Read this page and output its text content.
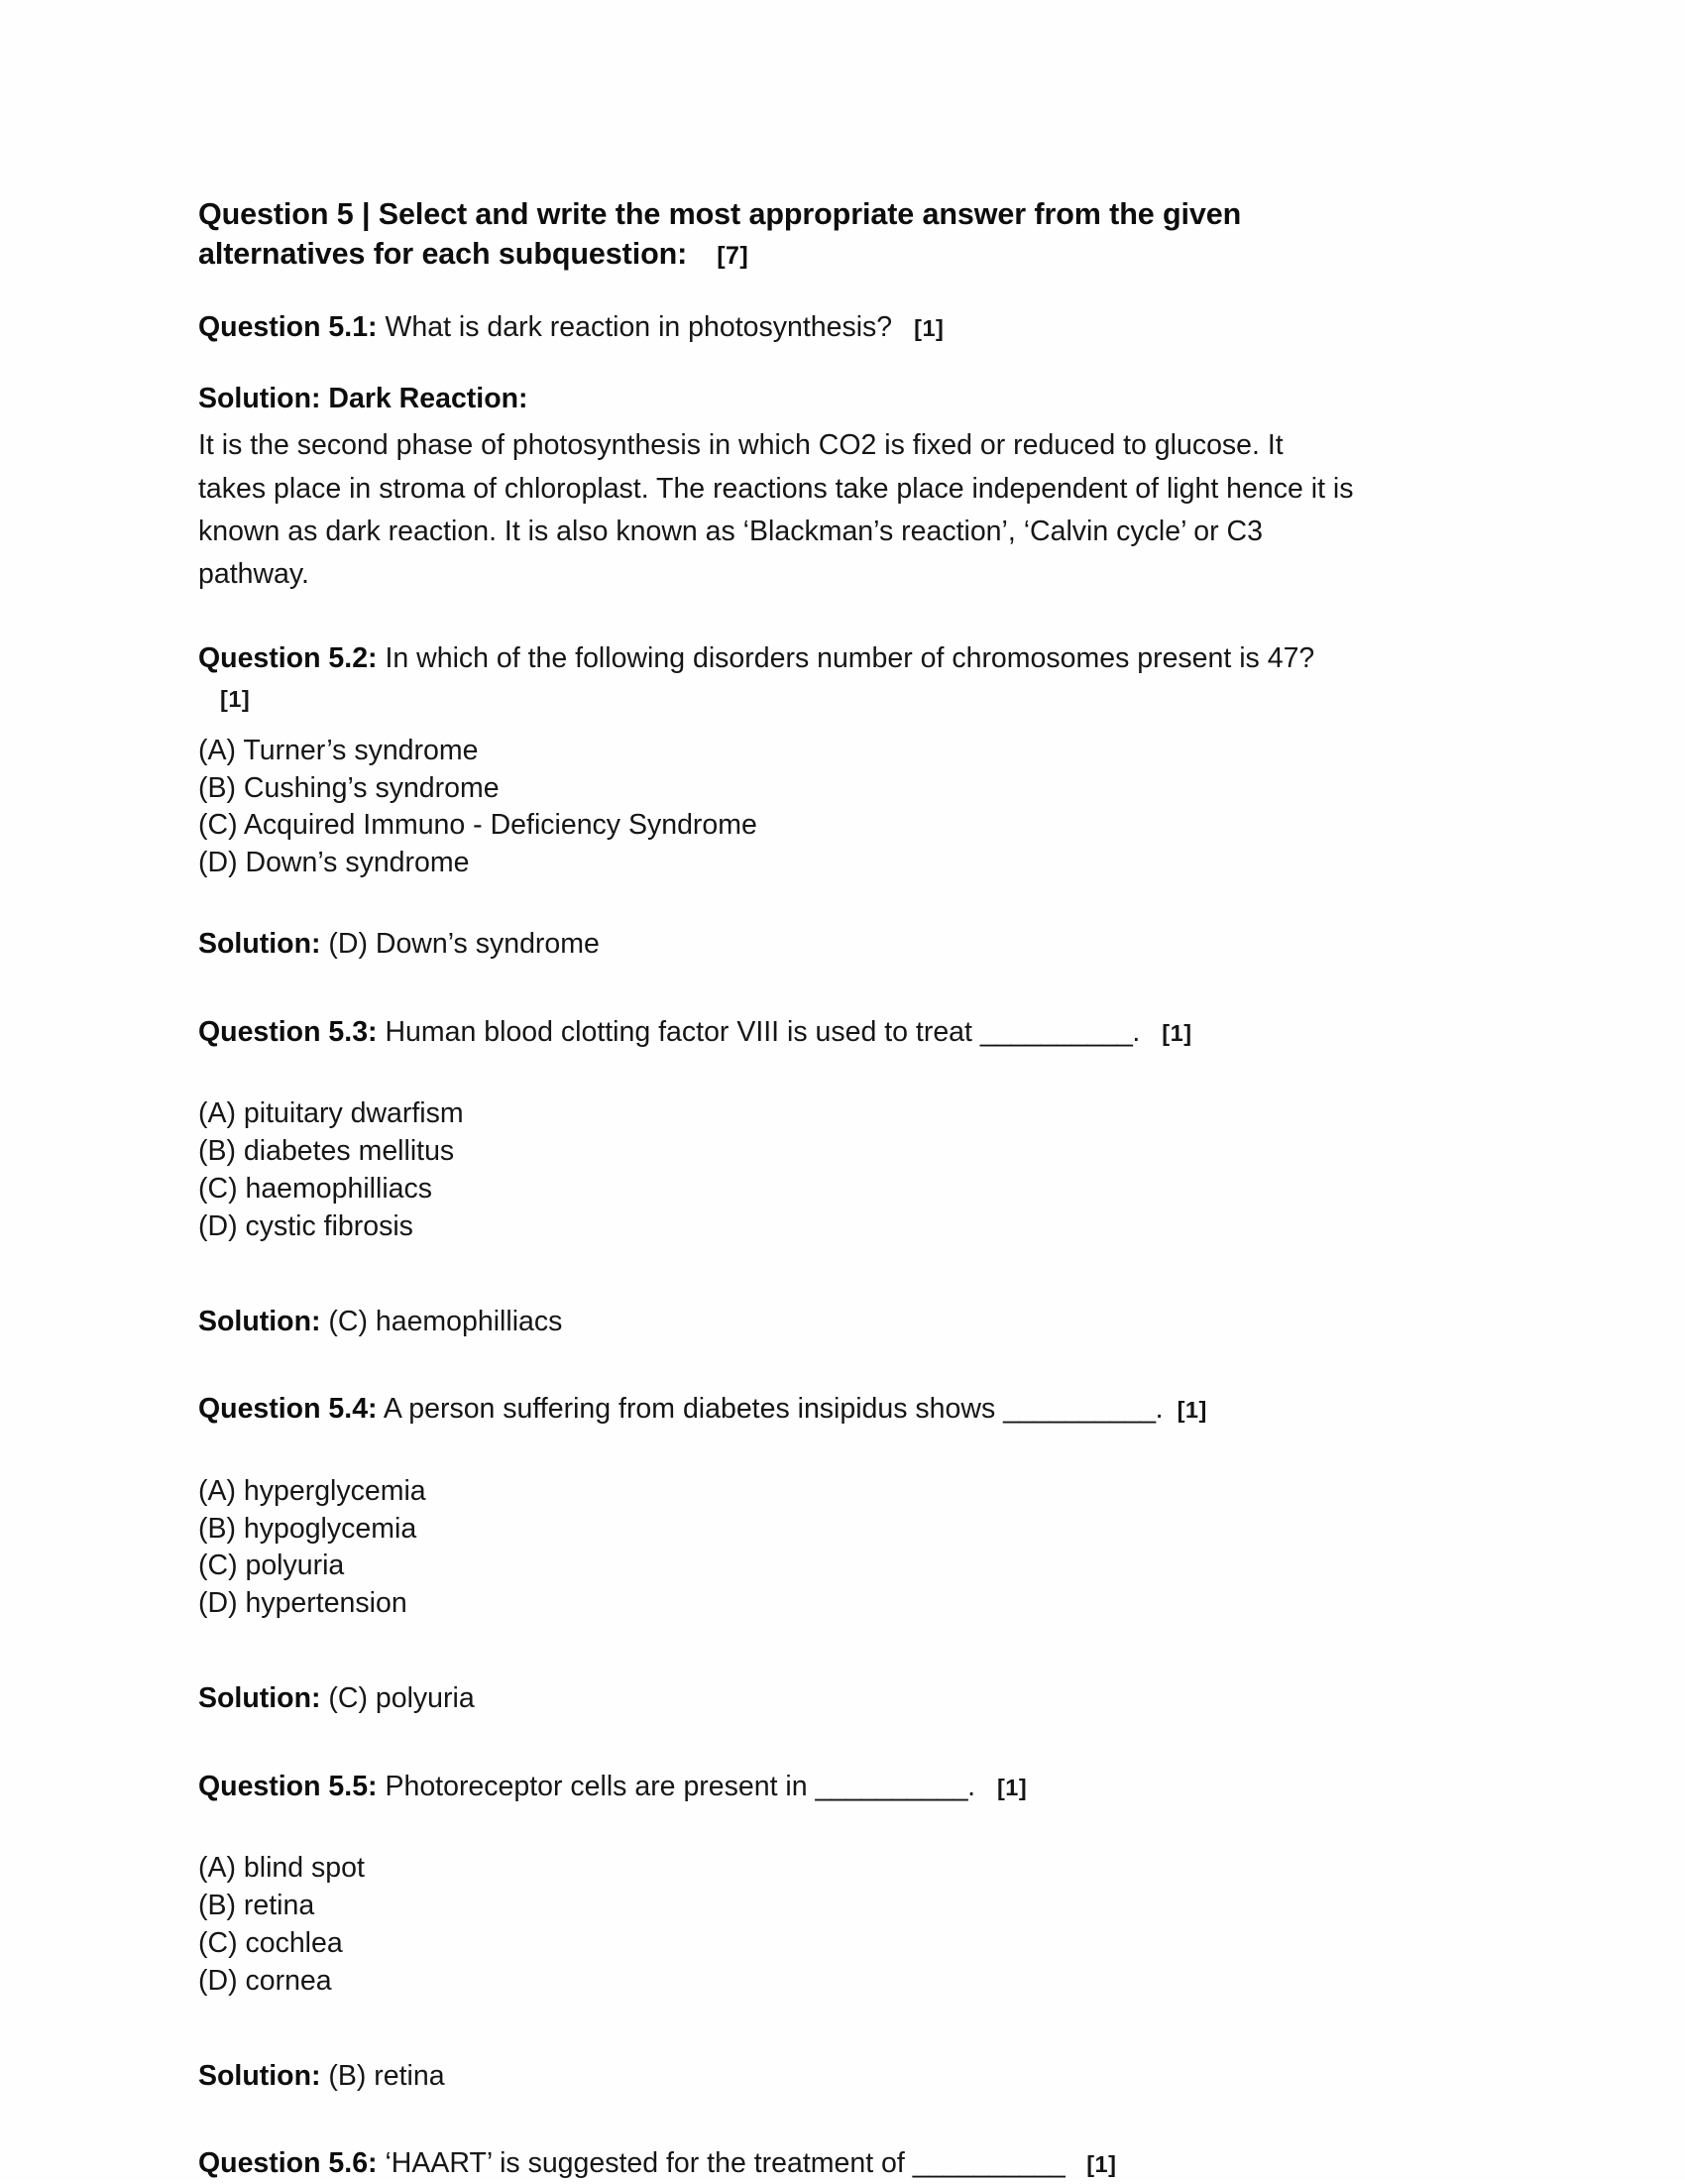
Question 5 | Select and write the most appropriate answer from the given alternatives for each subquestion: [7]

Question 5.1: What is dark reaction in photosynthesis? [1]

Solution: Dark Reaction:

It is the second phase of photosynthesis in which CO2 is fixed or reduced to glucose. It takes place in stroma of chloroplast. The reactions take place independent of light hence it is known as dark reaction. It is also known as ‘Blackman’s reaction’, ‘Calvin cycle’ or C3 pathway.

Question 5.2: In which of the following disorders number of chromosomes present is 47?[1]

(A) Turner’s syndrome
(B) Cushing’s syndrome
(C) Acquired Immuno - Deficiency Syndrome
(D) Down’s syndrome

Solution: (D) Down’s syndrome

Question 5.3: Human blood clotting factor VIII is used to treat __________. [1]

(A) pituitary dwarfism
(B) diabetes mellitus
(C) haemophilliacs
(D) cystic fibrosis

Solution: (C) haemophilliacs

Question 5.4: A person suffering from diabetes insipidus shows __________. [1]

(A) hyperglycemia
(B) hypoglycemia
(C) polyuria
(D) hypertension

Solution: (C) polyuria

Question 5.5: Photoreceptor cells are present in __________. [1]

(A) blind spot
(B) retina
(C) cochlea
(D) cornea

Solution: (B) retina

Question 5.6: ‘HAART’ is suggested for the treatment of __________ [1]
